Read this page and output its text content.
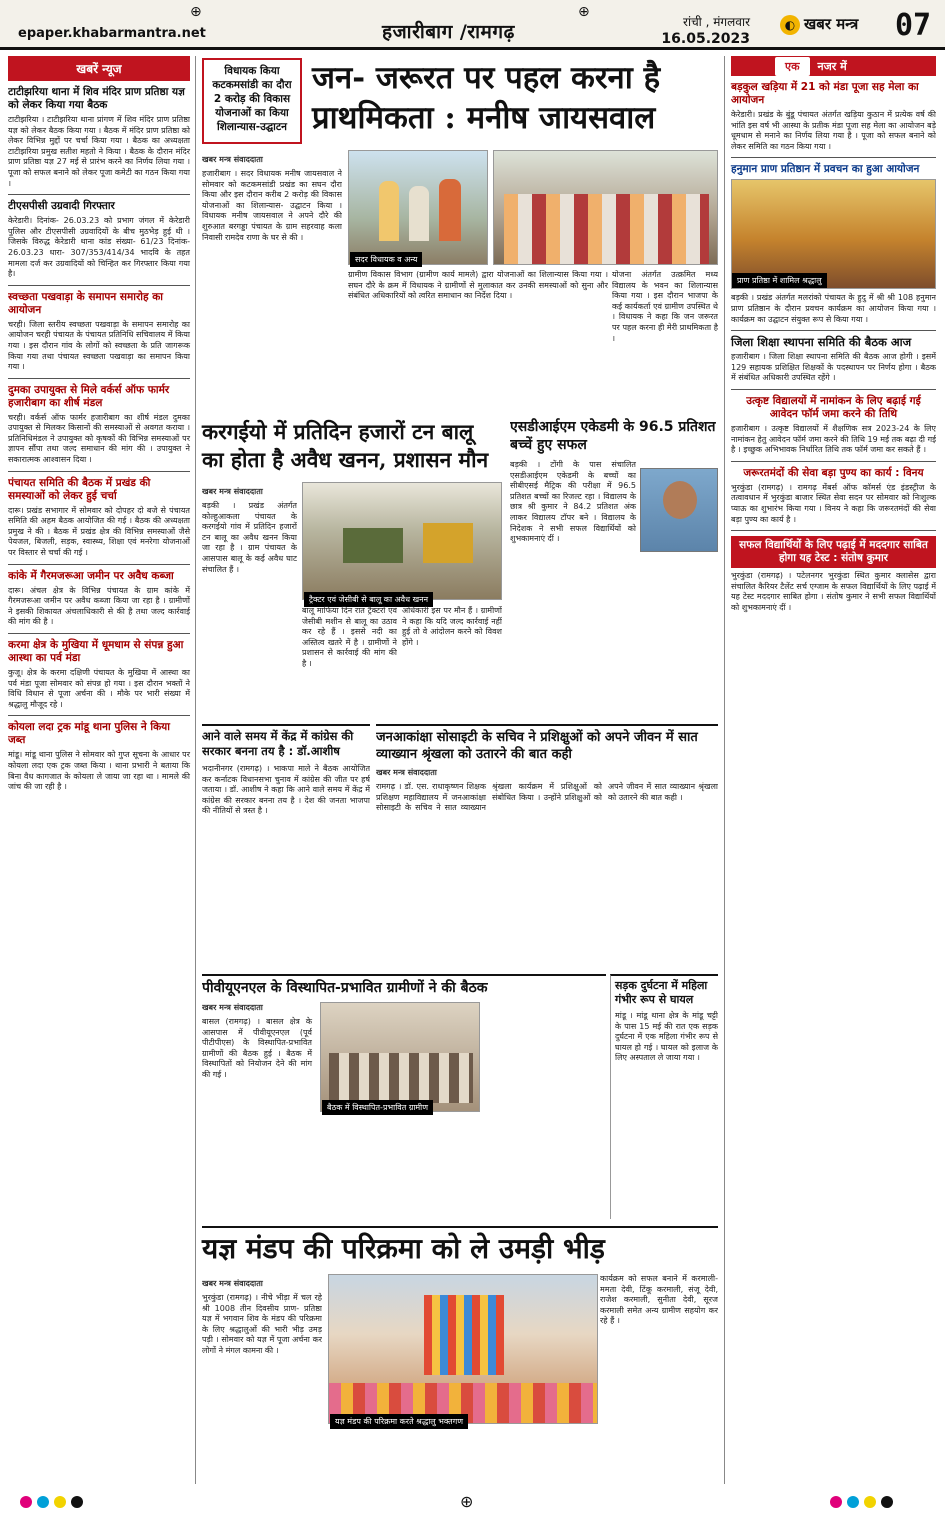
⊕	⊕
epaper.khabarmantra.net	हजारीबाग /रामगढ़	रांची , मंगलवार
16.05.2023
◐ खबर मन्त्र 07
खबरें न्यूज
टाटीझरिया थाना में शिव मंदिर प्राण प्रतिष्ठा यज्ञ को लेकर किया गया बैठक
टाटीझरिया । टाटीझरिया थाना प्रांगण में शिव मंदिर प्राण प्रतिष्ठा यज्ञ को लेकर बैठक किया गया । बैठक में मंदिर प्राण प्रतिष्ठा को लेकर विभिन्न मुद्दों पर चर्चा किया गया । बैठक का अध्यक्षता टाटीझरिया प्रमुख सतीश महतो ने किया । बैठक के दौरान मंदिर प्राण प्रतिष्ठा यज्ञ 27 मई से प्रारंभ करने का निर्णय लिया गया । पूजा को सफल बनाने को लेकर पूजा कमेटी का गठन किया गया ।
टीएसपीसी उग्रवादी गिरफ्तार
केरेडारी। दिनांक- 26.03.23 को प्रभाग जंगल में केरेडारी पुलिस और टीएसपीसी उग्रवादियों के बीच मुठभेड़ हुई थी । जिसके विरुद्ध केरेडारी थाना कांड संख्या- 61/23 दिनांक- 26.03.23 धारा- 307/353/414/34 भादवि के तहत मामला दर्ज कर उग्रवादियों को चिन्हित कर गिरफ्तार किया गया है।
स्वच्छता पखवाड़ा के समापन समारोह का आयोजन
चरही। जिला स्तरीय स्वच्छता पखवाड़ा के समापन समारोह का आयोजन चरही पंचायत के पंचायत प्रतिनिधि सचिवालय में किया गया । इस दौरान गांव के लोगों को स्वच्छता के प्रति जागरूक किया गया तथा पंचायत स्वच्छता पखवाड़ा का समापन किया गया ।
दुमका उपायुक्त से मिले वर्कर्स ऑफ फार्मर हजारीबाग का शीर्ष मंडल
चरही। वर्कर्स ऑफ फार्मर हजारीबाग का शीर्ष मंडल दुमका उपायुक्त से मिलकर किसानों की समस्याओं से अवगत कराया । प्रतिनिधिमंडल ने उपायुक्त को कृषकों की विभिन्न समस्याओं पर ज्ञापन सौंपा तथा जल्द समाधान की मांग की । उपायुक्त ने सकारात्मक आश्वासन दिया ।
पंचायत समिति की बैठक में प्रखंड की समस्याओं को लेकर हुई चर्चा
दारू। प्रखंड सभागार में सोमवार को दोपहर दो बजे से पंचायत समिति की अहम बैठक आयोजित की गई । बैठक की अध्यक्षता प्रमुख ने की । बैठक में प्रखंड क्षेत्र की विभिन्न समस्याओं जैसे पेयजल, बिजली, सड़क, स्वास्थ्य, शिक्षा एवं मनरेगा योजनाओं पर विस्तार से चर्चा की गई ।
कांके में गैरमजरूआ जमीन पर अवैध कब्जा
दारू। अंचल क्षेत्र के विभिन्न पंचायत के ग्राम कांके में गैरमजरूआ जमीन पर अवैध कब्जा किया जा रहा है । ग्रामीणों ने इसकी शिकायत अंचलाधिकारी से की है तथा जल्द कार्रवाई की मांग की है ।
करमा क्षेत्र के मुखिया में धूमधाम से संपन्न हुआ आस्था का पर्व मंडा
कुजू। क्षेत्र के करमा दक्षिणी पंचायत के मुखिया में आस्था का पर्व मंडा पूजा सोमवार को संपन्न हो गया । इस दौरान भक्तों ने विधि विधान से पूजा अर्चना की । मौके पर भारी संख्या में श्रद्धालु मौजूद रहे ।
कोयला लदा ट्रक मांडू थाना पुलिस ने किया जब्त
मांडू। मांडू थाना पुलिस ने सोमवार को गुप्त सूचना के आधार पर कोयला लदा एक ट्रक जब्त किया । थाना प्रभारी ने बताया कि बिना वैध कागजात के कोयला ले जाया जा रहा था । मामले की जांच की जा रही है ।
विधायक किया कटकमसांडी का दौरा 2 करोड़ की विकास योजनाओं का किया शिलान्यास-उद्घाटन
जन- जरूरत पर पहल करना है
प्राथमिकता : मनीष जायसवाल
खबर मन्त्र संवाददाता
हजारीबाग । सदर विधायक मनीष जायसवाल ने सोमवार को कटकमसांडी प्रखंड का सघन दौरा किया और इस दौरान करीब 2 करोड़ की विकास योजनाओं का शिलान्यास- उद्घाटन किया । विधायक मनीष जायसवाल ने अपने दौरे की शुरुआत बरगड्डा पंचायत के ग्राम सहरवाह कला निवासी रामदेव राणा के घर से की ।
सदर विधायक व अन्य
ग्रामीण विकास विभाग (ग्रामीण कार्य मामले) द्वारा योजनाओं का शिलान्यास किया गया । सघन दौरे के क्रम में विधायक ने ग्रामीणों से मुलाकात कर उनकी समस्याओं को सुना और संबंधित अधिकारियों को त्वरित समाधान का निर्देश दिया ।
योजना अंतर्गत उत्क्रमित मध्य विद्यालय के भवन का शिलान्यास किया गया । इस दौरान भाजपा के कई कार्यकर्ता एवं ग्रामीण उपस्थित थे । विधायक ने कहा कि जन जरूरत पर पहल करना ही मेरी प्राथमिकता है ।
करगईयो में प्रतिदिन हजारों टन बालू
का होता है अवैध खनन, प्रशासन मौन
खबर मन्त्र संवाददाता
बड़की । प्रखंड अंतर्गत कोल्हुआकला पंचायत के करगईयो गांव में प्रतिदिन हजारों टन बालू का अवैध खनन किया जा रहा है । ग्राम पंचायत के आसपास बालू के कई अवैध घाट संचालित हैं ।
ट्रैक्टर एवं जेसीबी से बालू का अवैध खनन
बालू माफिया दिन रात ट्रैक्टरों एवं जेसीबी मशीन से बालू का उठाव कर रहे हैं । इससे नदी का अस्तित्व खतरे में है । ग्रामीणों ने प्रशासन से कार्रवाई की मांग की है ।
अधिकारी इस पर मौन हैं । ग्रामीणों ने कहा कि यदि जल्द कार्रवाई नहीं हुई तो वे आंदोलन करने को विवश होंगे ।
एसडीआईएम एकेडमी के 96.5 प्रतिशत बच्चें हुए सफल
बड़की । टोंगी के पास संचालित एसडीआईएम एकेडमी के बच्चों का सीबीएसई मैट्रिक की परीक्षा में 96.5 प्रतिशत बच्चों का रिजल्ट रहा । विद्यालय के छात्र श्री कुमार ने 84.2 प्रतिशत अंक लाकर विद्यालय टॉपर बने । विद्यालय के निदेशक ने सभी सफल विद्यार्थियों को शुभकामनाएं दीं ।
आने वाले समय में केंद्र में कांग्रेस की सरकार बनना तय है : डॉ.आशीष
भदानीनगर (रामगढ़) । भाकपा माले ने बैठक आयोजित कर कर्नाटक विधानसभा चुनाव में कांग्रेस की जीत पर हर्ष जताया । डॉ. आशीष ने कहा कि आने वाले समय में केंद्र में कांग्रेस की सरकार बनना तय है । देश की जनता भाजपा की नीतियों से त्रस्त है ।
जनआकांक्षा सोसाइटी के सचिव ने प्रशिक्षुओं को अपने जीवन में सात व्याख्यान श्रृंखला को उतारने की बात कही
खबर मन्त्र संवाददाता
रामगढ़ । डॉ. एस. राधाकृष्णन शिक्षक प्रशिक्षण महाविद्यालय में जनआकांक्षा सोसाइटी के सचिव ने सात व्याख्यान श्रृंखला कार्यक्रम में प्रशिक्षुओं को संबोधित किया । उन्होंने प्रशिक्षुओं को अपने जीवन में सात व्याख्यान श्रृंखला को उतारने की बात कही ।
पीवीयूएनएल के विस्थापित-प्रभावित ग्रामीणों ने की बैठक
खबर मन्त्र संवाददाता
बासल (रामगढ़) । बासल क्षेत्र के आसपास में पीवीयूएनएल (पूर्व पीटीपीएस) के विस्थापित-प्रभावित ग्रामीणों की बैठक हुई । बैठक में विस्थापितों को नियोजन देने की मांग की गई ।
बैठक में विस्थापित-प्रभावित ग्रामीण
सड़क दुर्घटना में महिला गंभीर रूप से घायल
मांडू । मांडू थाना क्षेत्र के मांडू चट्टी के पास 15 मई की रात एक सड़क दुर्घटना में एक महिला गंभीर रूप से घायल हो गई । घायल को इलाज के लिए अस्पताल ले जाया गया ।
यज्ञ मंडप की परिक्रमा को ले उमड़ी भीड़
खबर मन्त्र संवाददाता
भुरकुंडा (रामगढ़) । नीचे भीड़ा में चल रहे श्री 1008 तीन दिवसीय प्राण- प्रतिष्ठा यज्ञ में भगवान शिव के मंडप की परिक्रमा के लिए श्रद्धालुओं की भारी भीड़ उमड़ पड़ी । सोमवार को यज्ञ में पूजा अर्चना कर लोगों ने मंगल कामना की ।
यज्ञ मंडप की परिक्रमा करते श्रद्धालु भक्तगण
कार्यक्रम को सफल बनाने में करमाली- ममता देवी, टिंकू करमाली, संजू देवी, राजेश करमाली, सुनीता देवी, सूरज करमाली समेत अन्य ग्रामीण सहयोग कर रहे हैं ।
एक	नजर में
बड़कुल खड़िया में 21 को मंडा पूजा सह मेला का आयोजन
केरेडारी। प्रखंड के बुंडू पंचायत अंतर्गत खड़िया कुठान में प्रत्येक वर्ष की भांति इस वर्ष भी आस्था के प्रतीक मंडा पूजा सह मेला का आयोजन बड़े धूमधाम से मनाने का निर्णय लिया गया है । पूजा को सफल बनाने को लेकर समिति का गठन किया गया ।
हनुमान प्राण प्रतिष्ठान में प्रवचन का हुआ आयोजन
प्राण प्रतिष्ठा में शामिल श्रद्धालु
बड़की । प्रखंड अंतर्गत मलरांको पंचायत के हुदु में श्री श्री 108 हनुमान प्राण प्रतिष्ठान के दौरान प्रवचन कार्यक्रम का आयोजन किया गया । कार्यक्रम का उद्घाटन संयुक्त रूप से किया गया ।
जिला शिक्षा स्थापना समिति की बैठक आज
हजारीबाग । जिला शिक्षा स्थापना समिति की बैठक आज होगी । इसमें 129 सहायक प्रशिक्षित शिक्षकों के पदस्थापन पर निर्णय होगा । बैठक में संबंधित अधिकारी उपस्थित रहेंगे ।
उत्कृष्ट विद्यालयों में नामांकन के लिए बढ़ाई गई आवेदन फॉर्म जमा करने की तिथि
हजारीबाग । उत्कृष्ट विद्यालयों में शैक्षणिक सत्र 2023-24 के लिए नामांकन हेतु आवेदन फॉर्म जमा करने की तिथि 19 मई तक बढ़ा दी गई है । इच्छुक अभिभावक निर्धारित तिथि तक फॉर्म जमा कर सकते हैं ।
जरूरतमंदों की सेवा बड़ा पुण्य का कार्य : विनय
भुरकुंडा (रामगढ़) । रामगढ़ मेंबर्स ऑफ कॉमर्स एंड इंडस्ट्रीज के तत्वावधान में भुरकुंडा बाजार स्थित सेवा सदन पर सोमवार को निःशुल्क प्याऊ का शुभारंभ किया गया । विनय ने कहा कि जरूरतमंदों की सेवा बड़ा पुण्य का कार्य है ।
सफल विद्यार्थियों के लिए पढ़ाई में मददगार साबित होगा यह टेस्ट : संतोष कुमार
भुरकुंडा (रामगढ़) । पटेलनगर भुरकुंडा स्थित कुमार क्लासेस द्वारा संचालित कैरियर टैलेंट सर्च एग्जाम के सफल विद्यार्थियों के लिए पढ़ाई में यह टेस्ट मददगार साबित होगा । संतोष कुमार ने सभी सफल विद्यार्थियों को शुभकामनाएं दीं ।
⊕
